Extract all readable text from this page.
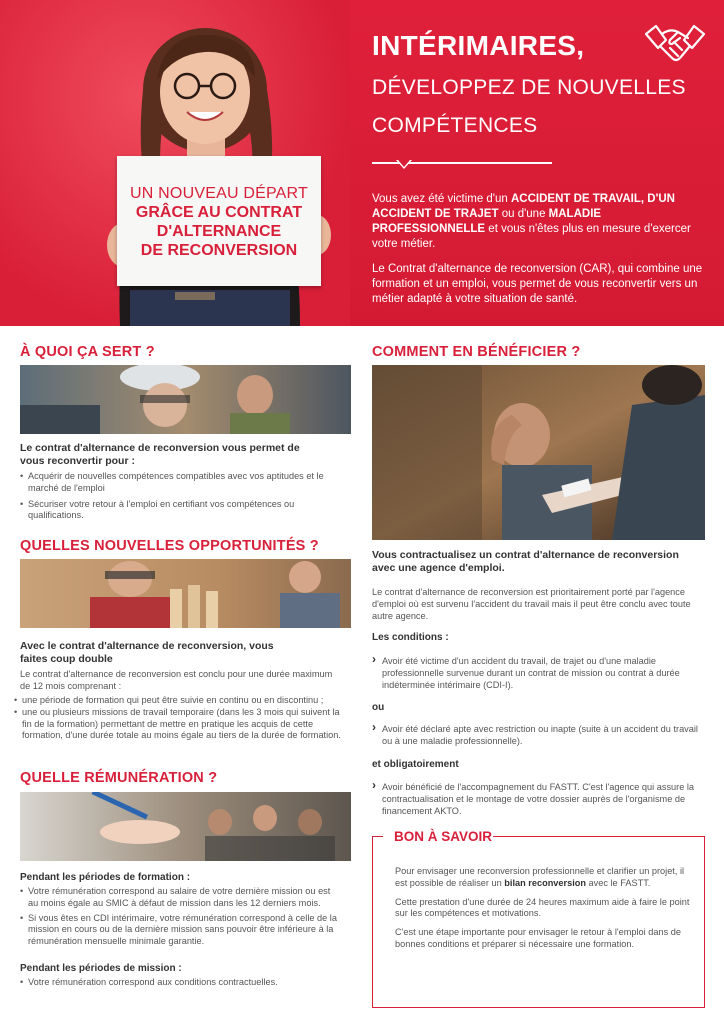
UN NOUVEAU DÉPART
GRÂCE AU CONTRAT
D'ALTERNANCE
DE RECONVERSION
INTÉRIMAIRES,
DÉVELOPPEZ DE NOUVELLES
COMPÉTENCES

Vous avez été victime d'un ACCIDENT DE TRAVAIL, D'UN ACCIDENT DE TRAJET ou d'une MALADIE PROFESSIONNELLE et vous n'êtes plus en mesure d'exercer votre métier.

Le Contrat d'alternance de reconversion (CAR), qui combine une formation et un emploi, vous permet de vous reconvertir vers un métier adapté à votre situation de santé.

À QUOI ÇA SERT ?
Le contrat d'alternance de reconversion vous permet de vous reconvertir pour :
• Acquérir de nouvelles compétences compatibles avec vos aptitudes et le marché de l'emploi
• Sécuriser votre retour à l'emploi en certifiant vos compétences ou qualifications.
QUELLES NOUVELLES OPPORTUNITÉS ?
Avec le contrat d'alternance de reconversion, vous faites coup double
Le contrat d'alternance de reconversion est conclu pour une durée maximum de 12 mois comprenant :
• une période de formation qui peut être suivie en continu ou en discontinu ;
• une ou plusieurs missions de travail temporaire (dans les 3 mois qui suivent la fin de la formation) permettant de mettre en pratique les acquis de cette formation, d'une durée totale au moins égale au tiers de la durée de formation.
QUELLE RÉMUNÉRATION ?
Pendant les périodes de formation :
• Votre rémunération correspond au salaire de votre dernière mission ou est au moins égale au SMIC à défaut de mission dans les 12 derniers mois.
• Si vous êtes en CDI intérimaire, votre rémunération correspond à celle de la mission en cours ou de la dernière mission sans pouvoir être inférieure à la rémunération mensuelle minimale garantie.
Pendant les périodes de mission :
• Votre rémunération correspond aux conditions contractuelles.
COMMENT EN BÉNÉFICIER ?
Vous contractualisez un contrat d'alternance de reconversion avec une agence d'emploi.
Le contrat d'alternance de reconversion est prioritairement porté par l'agence d'emploi où est survenu l'accident du travail mais il peut être conclu avec toute autre agence.
Les conditions :
› Avoir été victime d'un accident du travail, de trajet ou d'une maladie professionnelle survenue durant un contrat de mission ou contrat à durée indéterminée intérimaire (CDI-I).
ou
› Avoir été déclaré apte avec restriction ou inapte (suite à un accident du travail ou à une maladie professionnelle).
et obligatoirement
› Avoir bénéficié de l'accompagnement du FASTT. C'est l'agence qui assure la contractualisation et le montage de votre dossier auprès de l'organisme de financement AKTO.
BON À SAVOIR

Pour envisager une reconversion professionnelle et clarifier un projet, il est possible de réaliser un bilan reconversion avec le FASTT.

Cette prestation d'une durée de 24 heures maximum aide à faire le point sur les compétences et motivations.

C'est une étape importante pour envisager le retour à l'emploi dans de bonnes conditions et préparer si nécessaire une formation.
